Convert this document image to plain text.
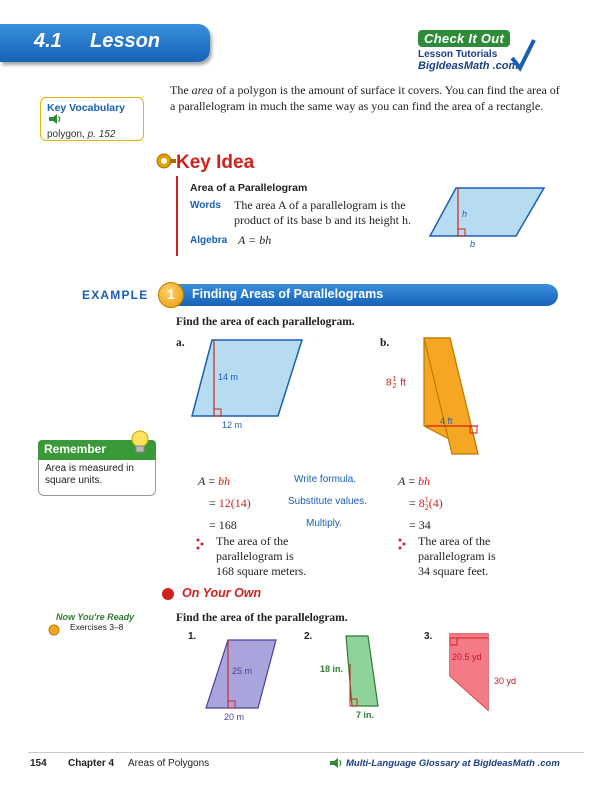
4.1 Lesson	Check It Out
Lesson Tutorials
BigIdeasMath .com
Key Vocabulary
polygon, p. 152
The area of a polygon is the amount of surface it covers. You can find the area of a parallelogram in much the same way as you can find the area of a rectangle.
Key Idea
Area of a Parallelogram
Words The area A of a parallelogram is the
product of its base b and its height h.
Algebra A = bh
h
b
EXAMPLE	Finding Areas of Parallelograms
1
Find the area of each parallelogram.
a.	b.
14 m
12 m	4 ft
81
2 ft
Remember
Area is measured in square units.	A = bh
= 12(14)
= 168
Write formula.
Substitute values.
Multiply.
A = bh
= 81
2(4)
= 34
The area of the
parallelogram is
168 square meters.
The area of the
parallelogram is
34 square feet.
On Your Own
Now You're Ready
Exercises 3–8
Find the area of the parallelogram.
1.
25 m
20 m
2.
18 in.
7 in.
3.
20.5 yd
30 yd
154 Chapter 4 Areas of Polygons	Multi-Language Glossary at BigIdeasMath .com
